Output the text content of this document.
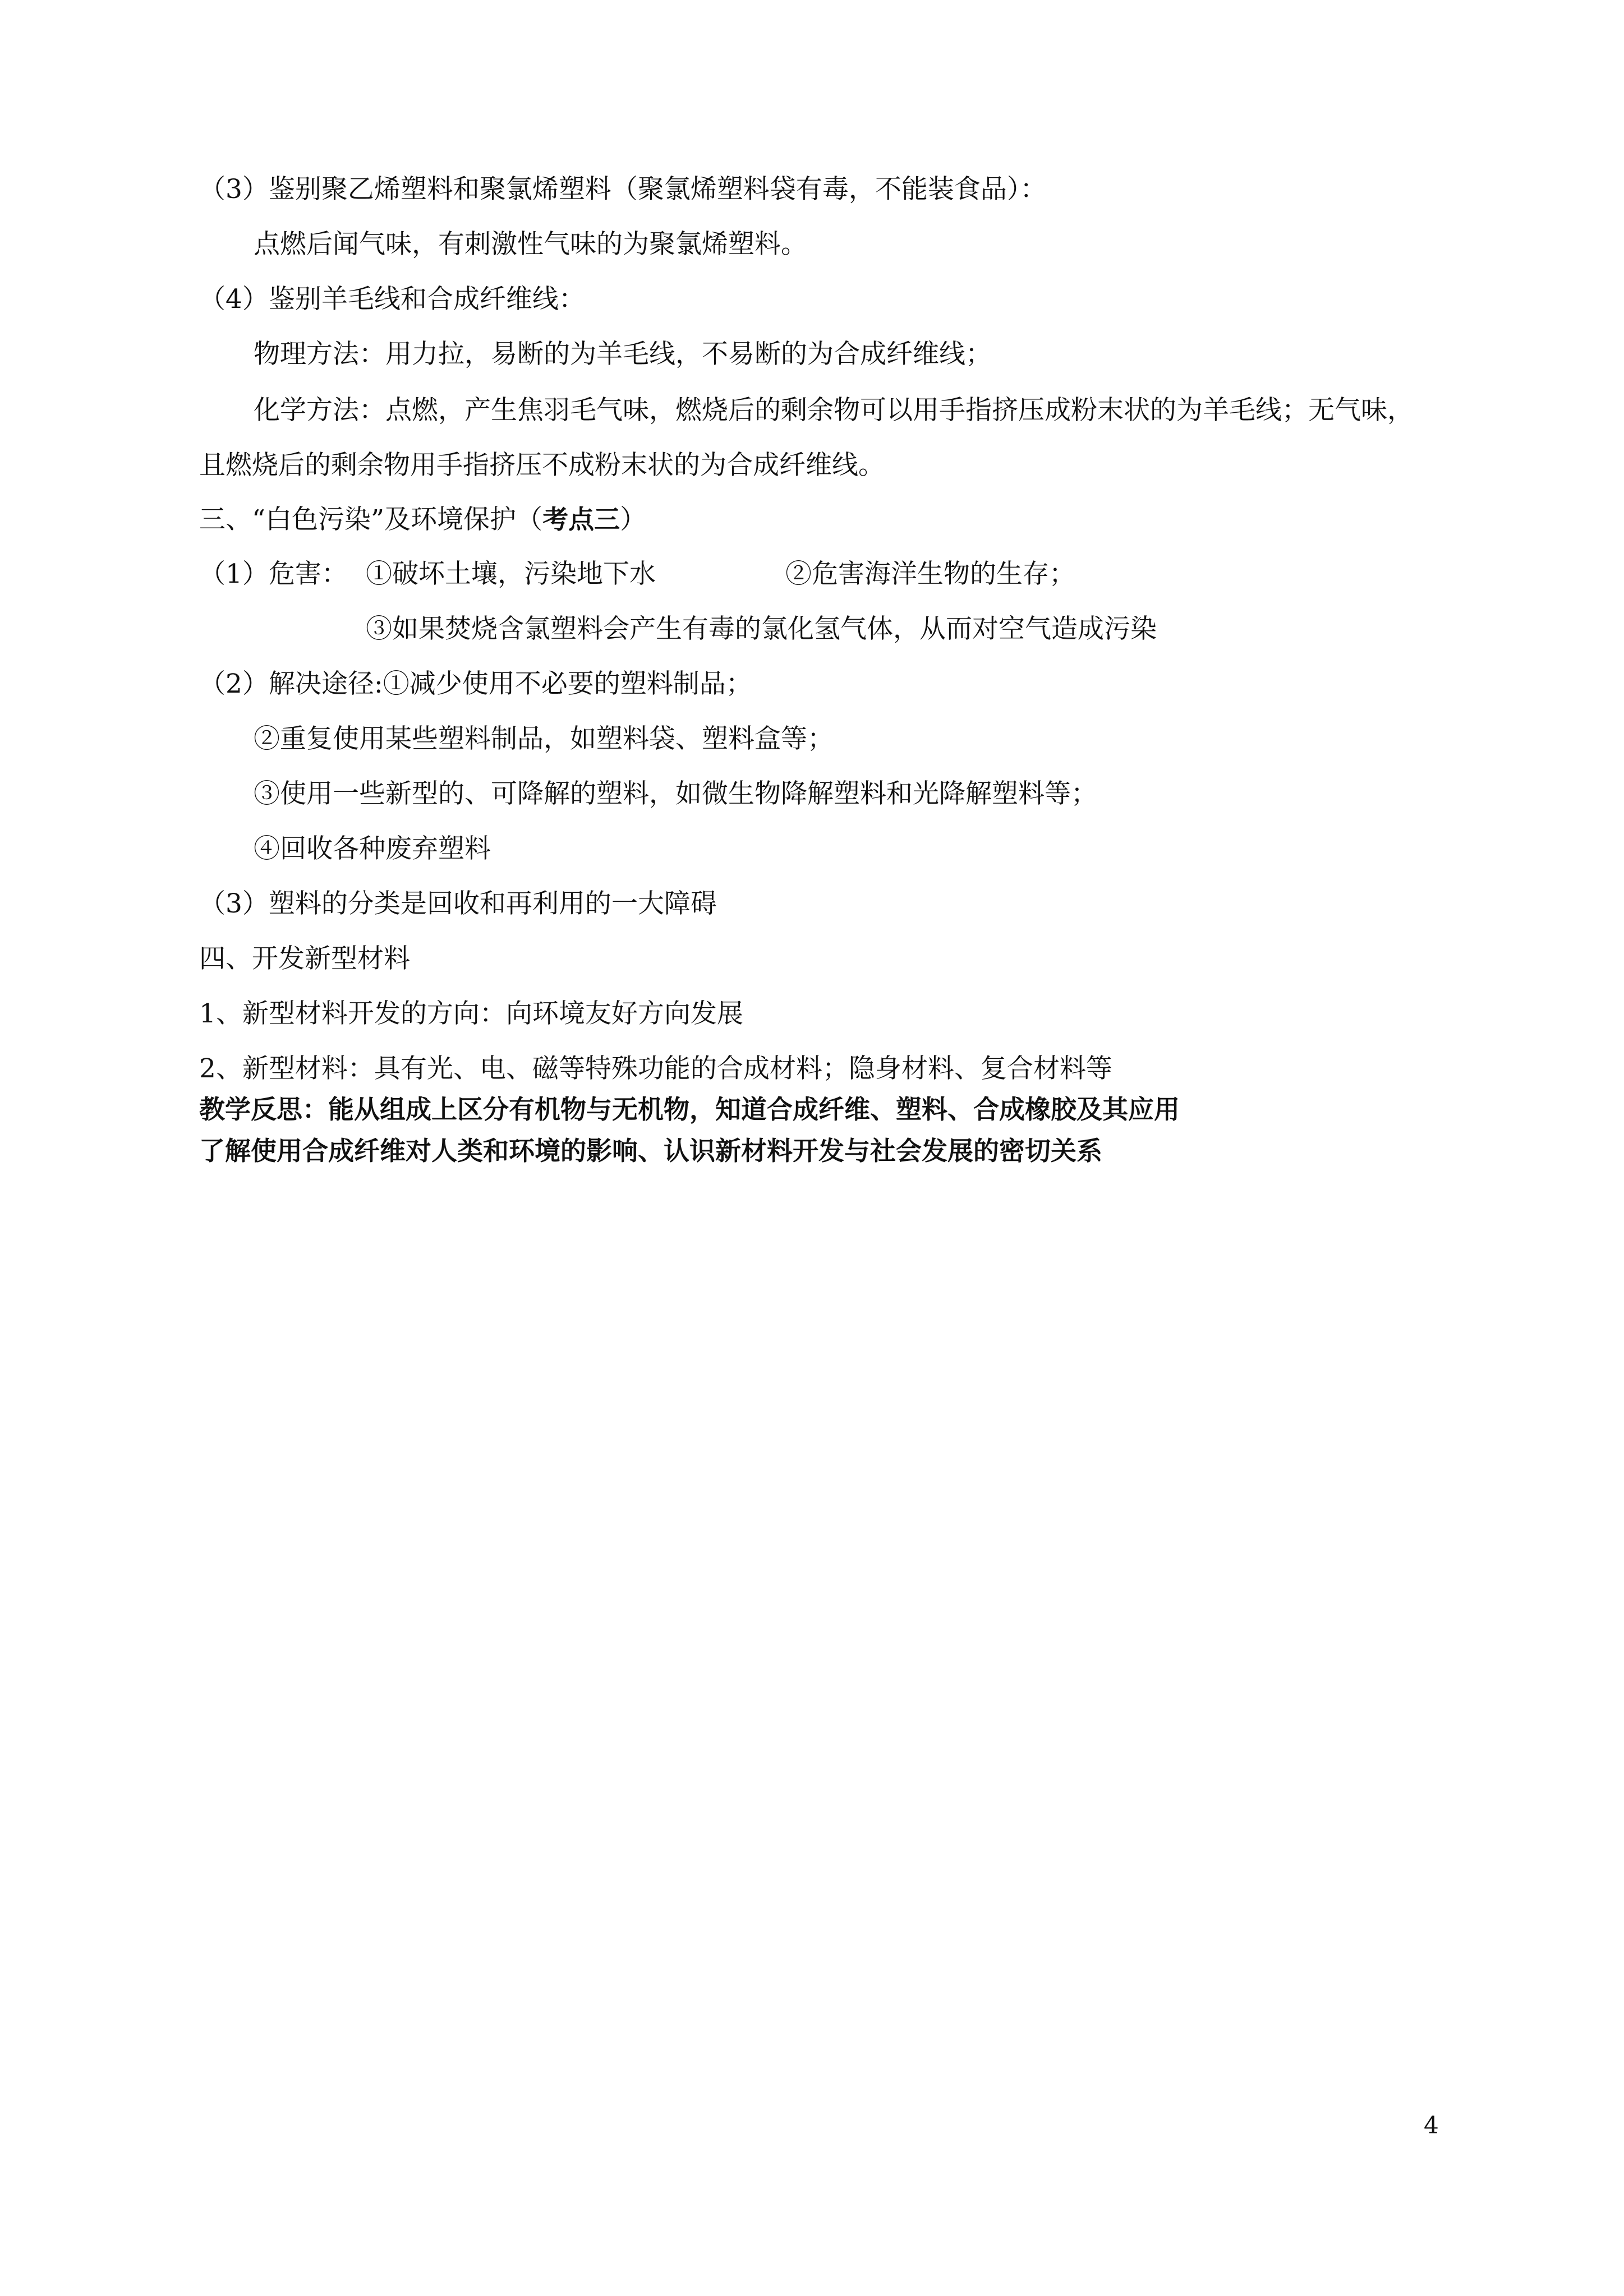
（3）鉴别聚乙烯塑料和聚氯烯塑料（聚氯烯塑料袋有毒，不能装食品）：
点燃后闻气味，有刺激性气味的为聚氯烯塑料。
（4）鉴别羊毛线和合成纤维线：
物理方法：用力拉，易断的为羊毛线，不易断的为合成纤维线；
化学方法：点燃，产生焦羽毛气味，燃烧后的剩余物可以用手指挤压成粉末状的为羊毛线；无气味，且燃烧后的剩余物用手指挤压不成粉末状的为合成纤维线。
三、“白色污染”及环境保护（考点三）
（1）危害： ①破坏土壤，污染地下水	②危害海洋生物的生存；
③如果焚烧含氯塑料会产生有毒的氯化氢气体，从而对空气造成污染
（2）解决途径:①减少使用不必要的塑料制品；
②重复使用某些塑料制品，如塑料袋、塑料盒等；
③使用一些新型的、可降解的塑料，如微生物降解塑料和光降解塑料等；
④回收各种废弃塑料
（3）塑料的分类是回收和再利用的一大障碍
四、开发新型材料
1、新型材料开发的方向：向环境友好方向发展
2、新型材料：具有光、电、磁等特殊功能的合成材料；隐身材料、复合材料等
教学反思：能从组成上区分有机物与无机物，知道合成纤维、塑料、合成橡胶及其应用
了解使用合成纤维对人类和环境的影响、认识新材料开发与社会发展的密切关系
4
